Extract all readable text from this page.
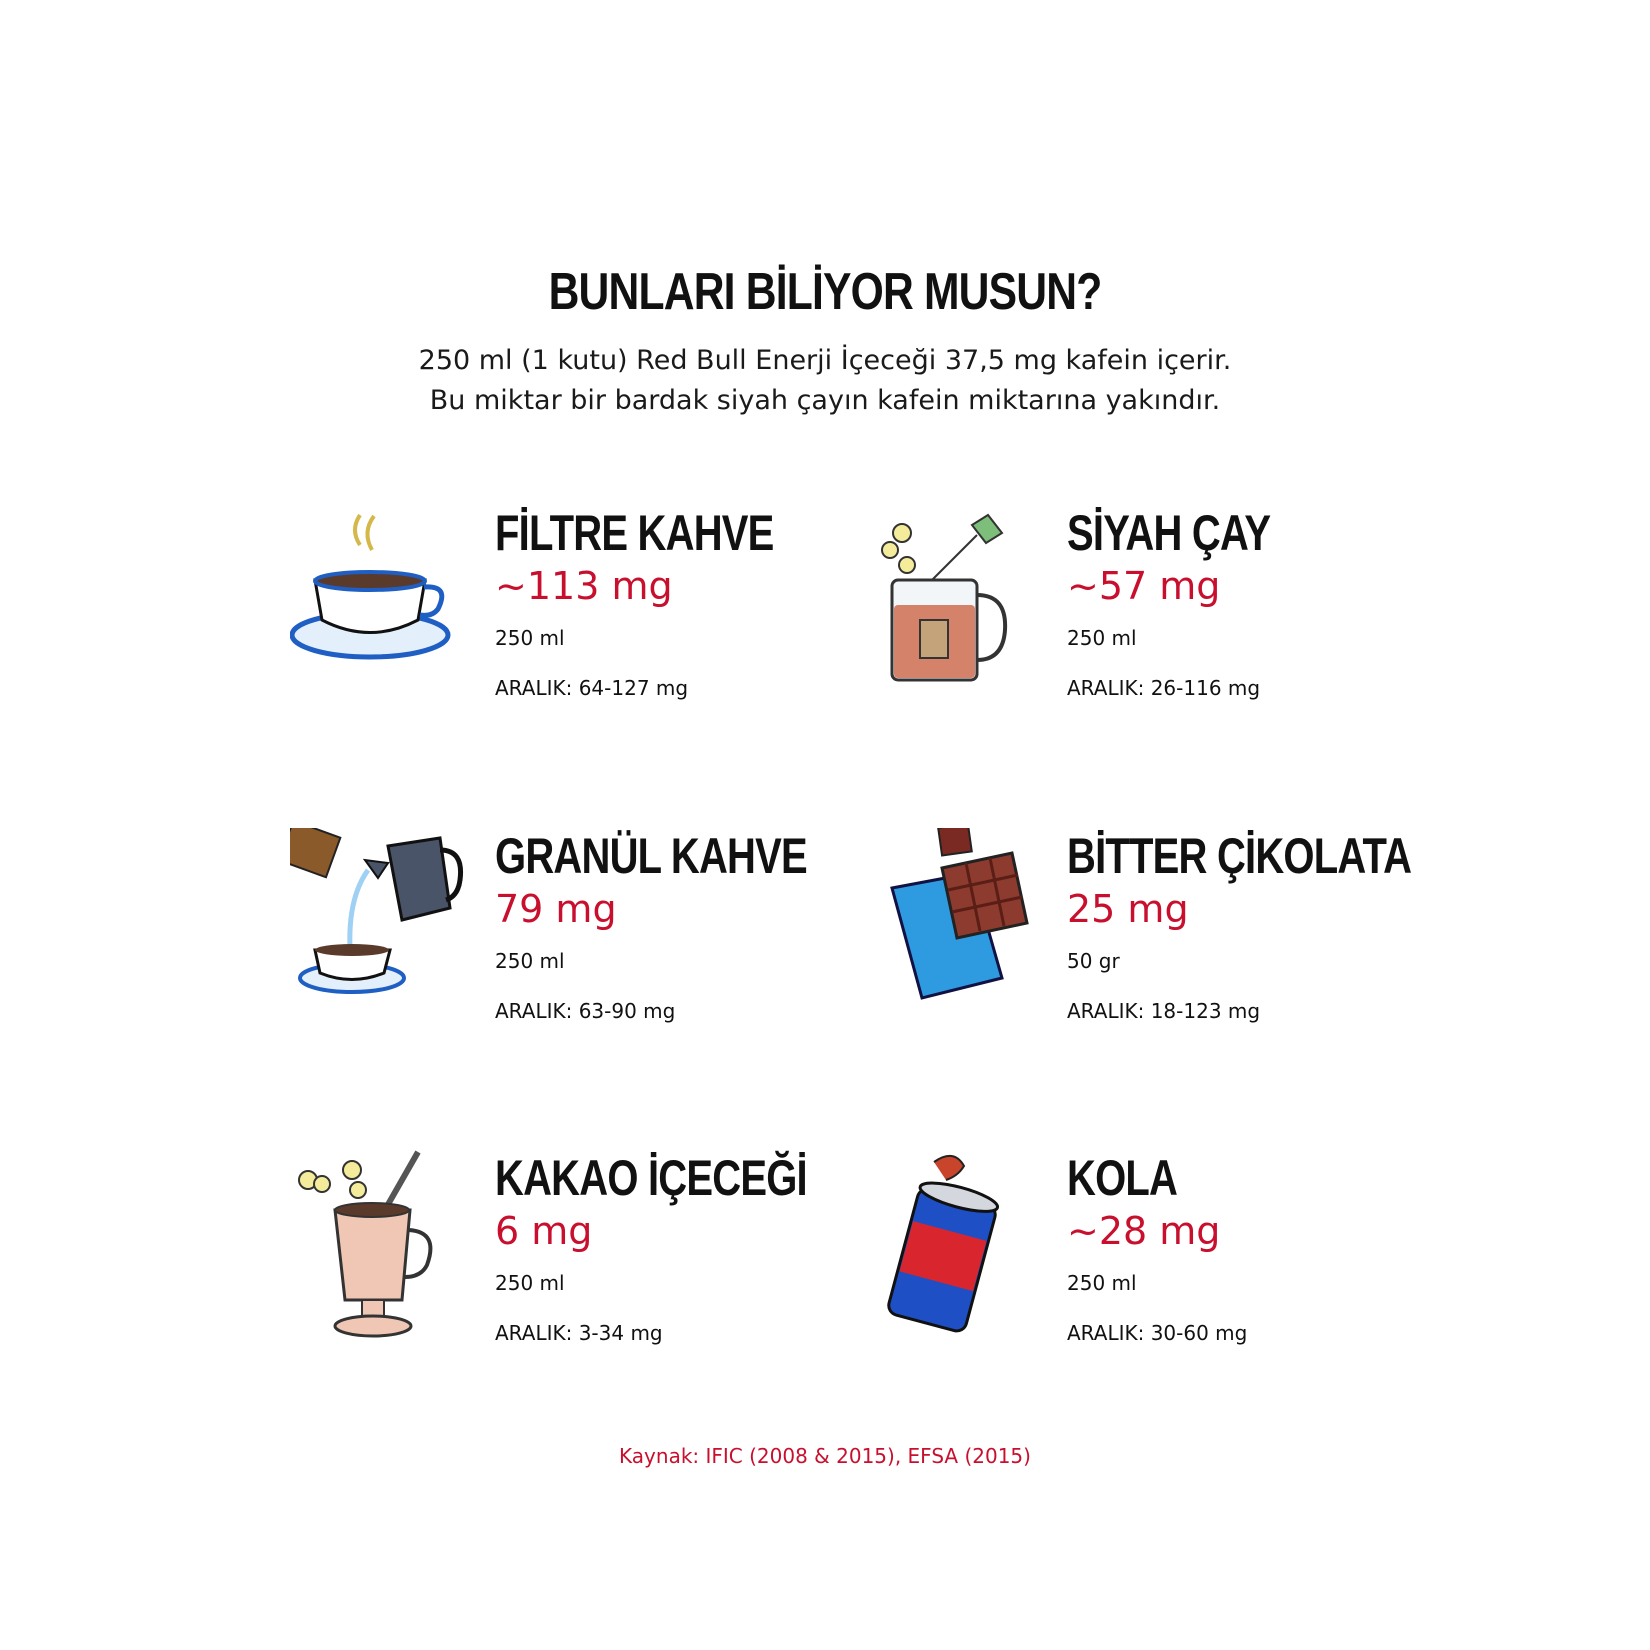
BUNLARI BİLİYOR MUSUN?
250 ml (1 kutu) Red Bull Enerji İçeceği 37,5 mg kafein içerir.
Bu miktar bir bardak siyah çayın kafein miktarına yakındır.
FİLTRE KAHVE
~113 mg
250 ml
ARALIK: 64-127 mg
SİYAH ÇAY
~57 mg
250 ml
ARALIK: 26-116 mg
GRANÜL KAHVE
79 mg
250 ml
ARALIK: 63-90 mg
BİTTER ÇİKOLATA
25 mg
50 gr
ARALIK: 18-123 mg
KAKAO İÇECEĞİ
6 mg
250 ml
ARALIK: 3-34 mg
KOLA
~28 mg
250 ml
ARALIK: 30-60 mg
Kaynak: IFIC (2008 & 2015), EFSA (2015)
